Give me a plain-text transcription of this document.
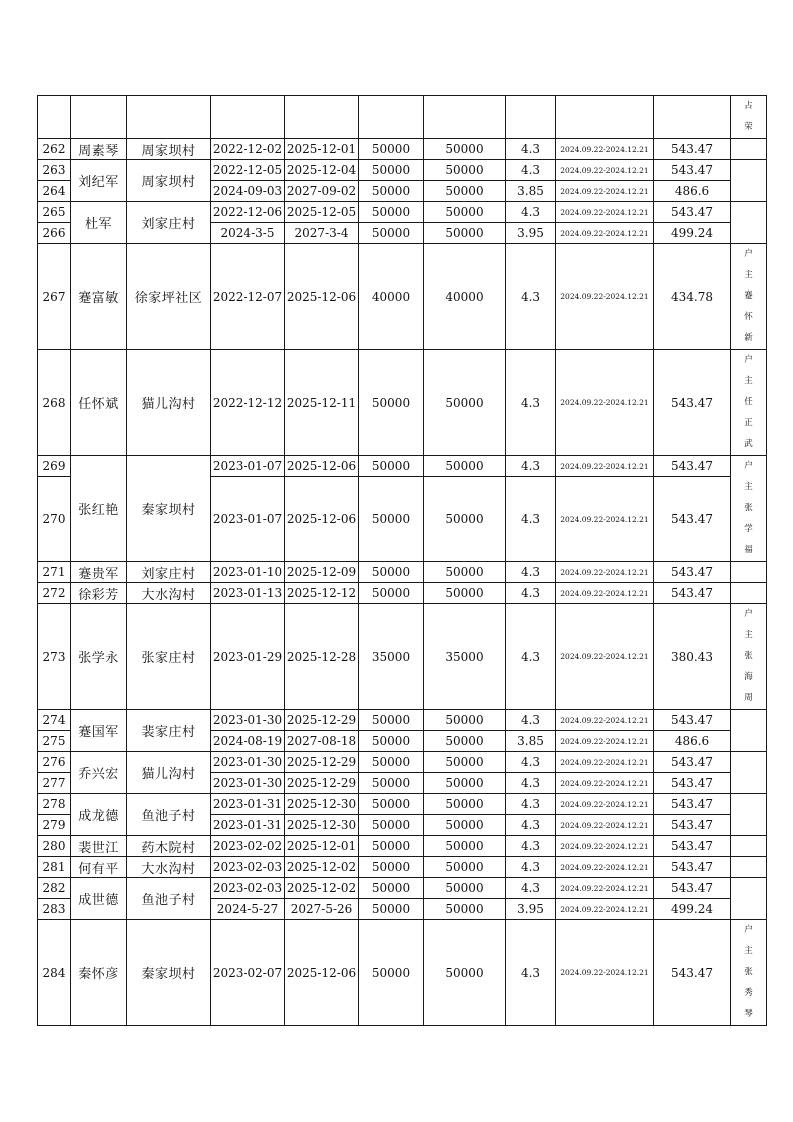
										占
荣

262	周素琴	周家坝村	2022-12-02	2025-12-01	50000	50000	4.3	2024.09.22-2024.12.21	543.47	
263	刘纪军	周家坝村	2022-12-05	2025-12-04	50000	50000	4.3	2024.09.22-2024.12.21	543.47	
264			2024-09-03	2027-09-02	50000	50000	3.85	2024.09.22-2024.12.21	486.6	
265	杜军	刘家庄村	2022-12-06	2025-12-05	50000	50000	4.3	2024.09.22-2024.12.21	543.47	
266			2024-3-5	2027-3-4	50000	50000	3.95	2024.09.22-2024.12.21	499.24	
267	蹇富敏	徐家坪社区	2022-12-07	2025-12-06	40000	40000	4.3	2024.09.22-2024.12.21	434.78	户
主
蹇
怀
新

268	任怀斌	猫儿沟村	2022-12-12	2025-12-11	50000	50000	4.3	2024.09.22-2024.12.21	543.47	户
主
任
正
武

269	张红艳	秦家坝村	2023-01-07	2025-12-06	50000	50000	4.3	2024.09.22-2024.12.21	543.47	户
主
张
学
福

270			2023-01-07	2025-12-06	50000	50000	4.3	2024.09.22-2024.12.21	543.47	
271	蹇贵军	刘家庄村	2023-01-10	2025-12-09	50000	50000	4.3	2024.09.22-2024.12.21	543.47	
272	徐彩芳	大水沟村	2023-01-13	2025-12-12	50000	50000	4.3	2024.09.22-2024.12.21	543.47	
273	张学永	张家庄村	2023-01-29	2025-12-28	35000	35000	4.3	2024.09.22-2024.12.21	380.43	户
主
张
海
周

274	蹇国军	裴家庄村	2023-01-30	2025-12-29	50000	50000	4.3	2024.09.22-2024.12.21	543.47	
275			2024-08-19	2027-08-18	50000	50000	3.85	2024.09.22-2024.12.21	486.6	
276	乔兴宏	猫儿沟村	2023-01-30	2025-12-29	50000	50000	4.3	2024.09.22-2024.12.21	543.47	
277			2023-01-30	2025-12-29	50000	50000	4.3	2024.09.22-2024.12.21	543.47	
278	成龙德	鱼池子村	2023-01-31	2025-12-30	50000	50000	4.3	2024.09.22-2024.12.21	543.47	
279			2023-01-31	2025-12-30	50000	50000	4.3	2024.09.22-2024.12.21	543.47	
280	裴世江	药木院村	2023-02-02	2025-12-01	50000	50000	4.3	2024.09.22-2024.12.21	543.47	
281	何有平	大水沟村	2023-02-03	2025-12-02	50000	50000	4.3	2024.09.22-2024.12.21	543.47	
282	成世德	鱼池子村	2023-02-03	2025-12-02	50000	50000	4.3	2024.09.22-2024.12.21	543.47	
283			2024-5-27	2027-5-26	50000	50000	3.95	2024.09.22-2024.12.21	499.24	
284	秦怀彦	秦家坝村	2023-02-07	2025-12-06	50000	50000	4.3	2024.09.22-2024.12.21	543.47	户
主
张
秀
琴
